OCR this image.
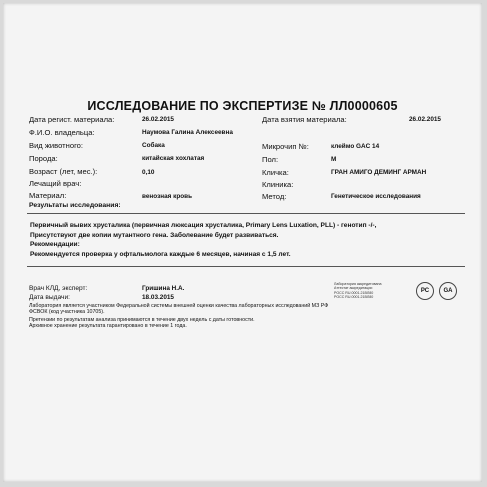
ИССЛЕДОВАНИЕ ПО ЭКСПЕРТИЗЕ № ЛЛ0000605
Дата регист. материала:	26.02.2015	Дата взятия материала:	26.02.2015
Ф.И.О. владельца:	Наумова Галина Алексеевна
Вид животного:	Собака	Микрочип №:	клеймо GAC 14
Порода:	китайская хохлатая	Пол:	М
Возраст (лет, мес.):	0,10	Кличка:	ГРАН АМИГО ДЕМИНГ АРМАН
Лечащий врач:	Клиника:
Материал:	венозная кровь	Метод:	Генетическое исследования
Результаты исследования:
Первичный вывих хрусталика (первичная люксация хрусталика, Primary Lens Luxation, PLL) - генотип -/-,
Присутствуют две копии мутантного гена. Заболевание будет развиваться.
Рекомендации:
Рекомендуется проверка у офтальмолога каждые 6 месяцев, начиная с 1,5 лет.
Врач КЛД, эксперт:	Гришина Н.А.
Дата выдачи:	18.03.2015
Лаборатория является участником Федеральной системы внешней оценки качества лабораторных исследований МЗ РФ
ФСВОК (код участника 10705).
Претензии по результатам анализа принимаются в течение двух недель с даты готовности.
Архивное хранение результата гарантировано в течение 1 года.
Лаборатория аккредитована
Аттестат аккредитации
РОСС RU.0001.21ВЛ80
РОСС RU.0001.21ВЛ80
РС	GA
